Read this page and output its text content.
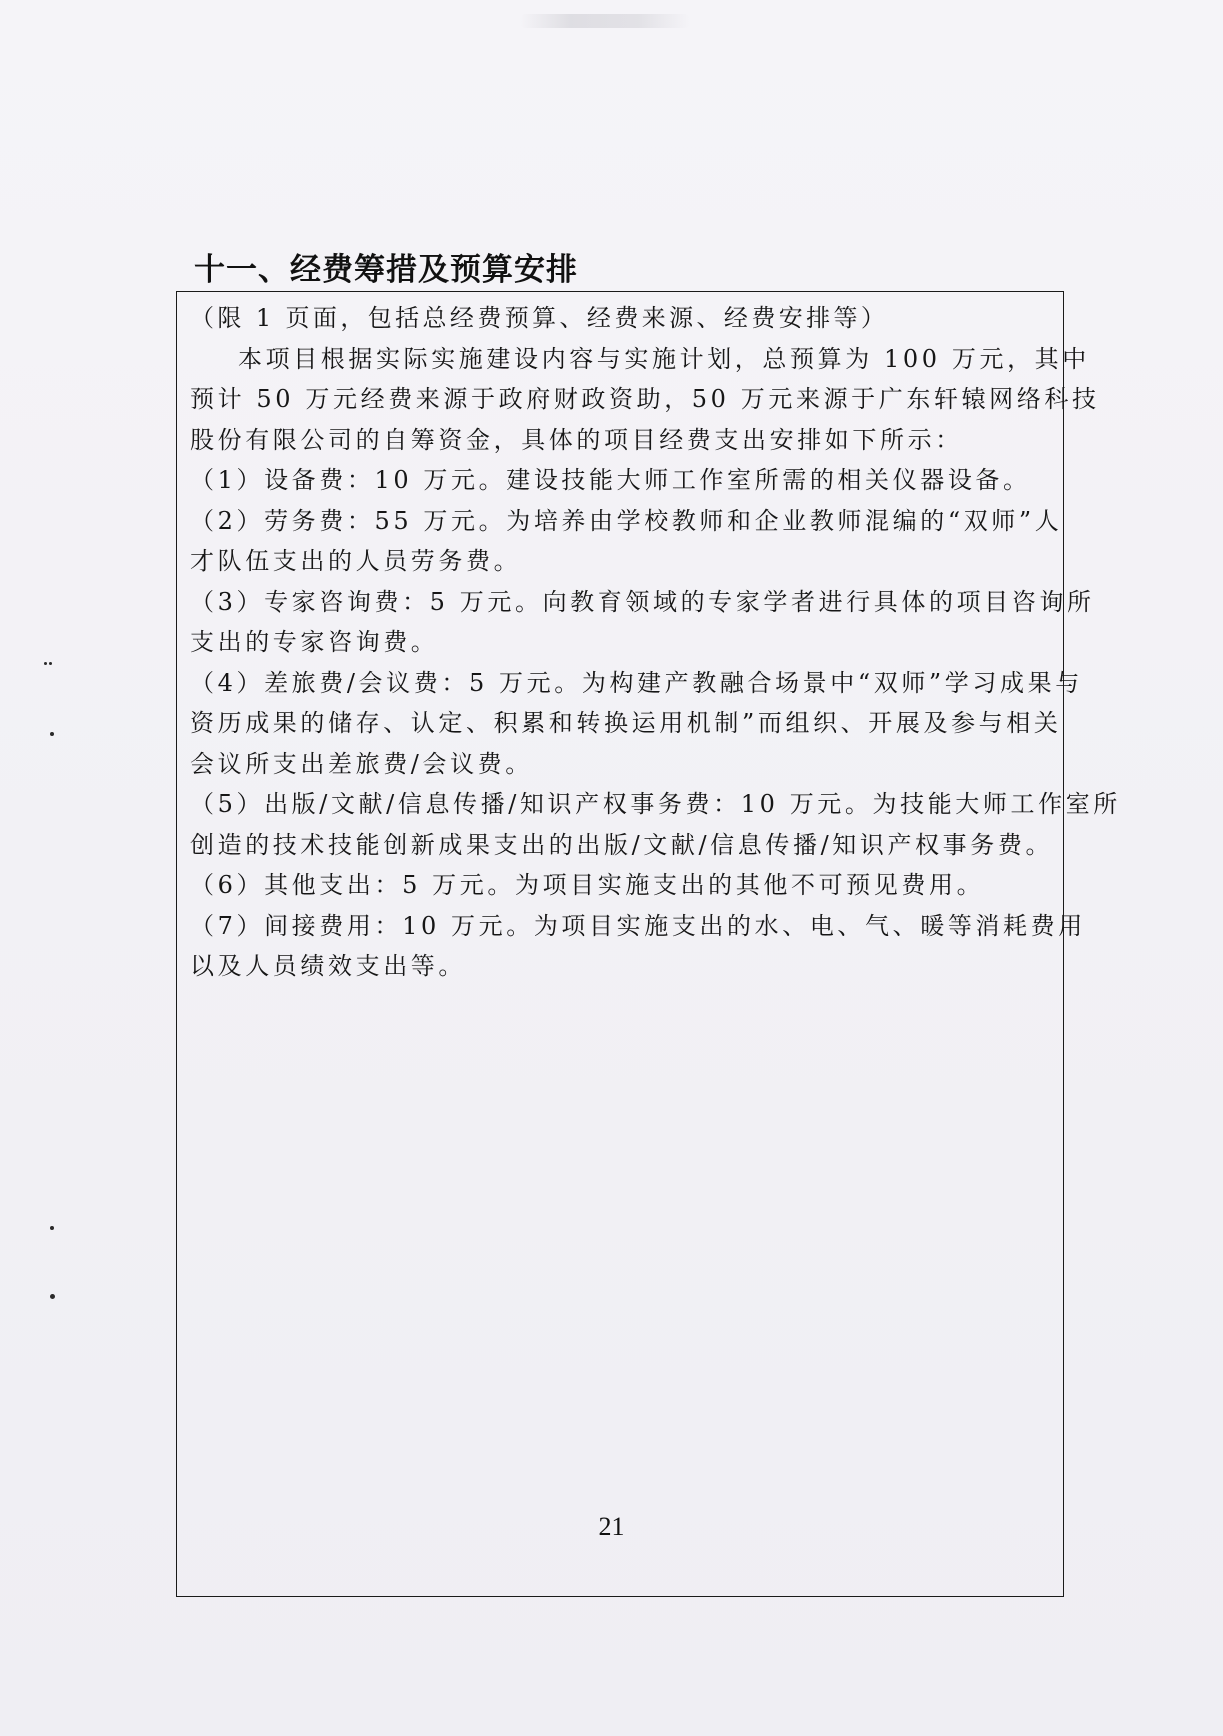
十一、经费筹措及预算安排
（限 1 页面，包括总经费预算、经费来源、经费安排等）
本项目根据实际实施建设内容与实施计划，总预算为 100 万元，其中
预计 50 万元经费来源于政府财政资助，50 万元来源于广东轩辕网络科技
股份有限公司的自筹资金，具体的项目经费支出安排如下所示：
（1）设备费：10 万元。建设技能大师工作室所需的相关仪器设备。
（2）劳务费：55 万元。为培养由学校教师和企业教师混编的“双师”人
才队伍支出的人员劳务费。
（3）专家咨询费：5 万元。向教育领域的专家学者进行具体的项目咨询所
支出的专家咨询费。
（4）差旅费/会议费：5 万元。为构建产教融合场景中“双师”学习成果与
资历成果的储存、认定、积累和转换运用机制”而组织、开展及参与相关
会议所支出差旅费/会议费。
（5）出版/文献/信息传播/知识产权事务费：10 万元。为技能大师工作室所
创造的技术技能创新成果支出的出版/文献/信息传播/知识产权事务费。
（6）其他支出：5 万元。为项目实施支出的其他不可预见费用。
（7）间接费用：10 万元。为项目实施支出的水、电、气、暖等消耗费用
以及人员绩效支出等。
21
